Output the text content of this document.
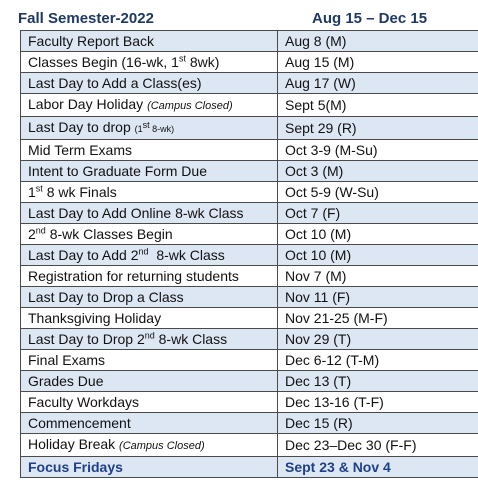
Fall Semester-2022	Aug 15 – Dec 15
Faculty Report Back	Aug 8 (M)
Classes Begin (16-wk, 1st 8wk)	Aug 15 (M)
Last Day to Add a Class(es)	Aug 17 (W)
Labor Day Holiday (Campus Closed)	Sept 5(M)
Last Day to drop (1st 8-wk)	Sept 29 (R)
Mid Term Exams	Oct 3-9 (M-Su)
Intent to Graduate Form Due	Oct 3 (M)
1st 8 wk Finals	Oct 5-9 (W-Su)
Last Day to Add Online 8-wk Class	Oct 7 (F)
2nd 8-wk Classes Begin	Oct 10 (M)
Last Day to Add 2nd  8-wk Class	Oct 10 (M)
Registration for returning students	Nov 7 (M)
Last Day to Drop a Class	Nov 11 (F)
Thanksgiving Holiday	Nov 21-25 (M-F)
Last Day to Drop 2nd 8-wk Class	Nov 29 (T)
Final Exams	Dec 6-12 (T-M)
Grades Due	Dec 13 (T)
Faculty Workdays	Dec 13-16 (T-F)
Commencement	Dec 15 (R)
Holiday Break (Campus Closed)	Dec 23–Dec 30 (F-F)
Focus Fridays	Sept 23 & Nov 4
